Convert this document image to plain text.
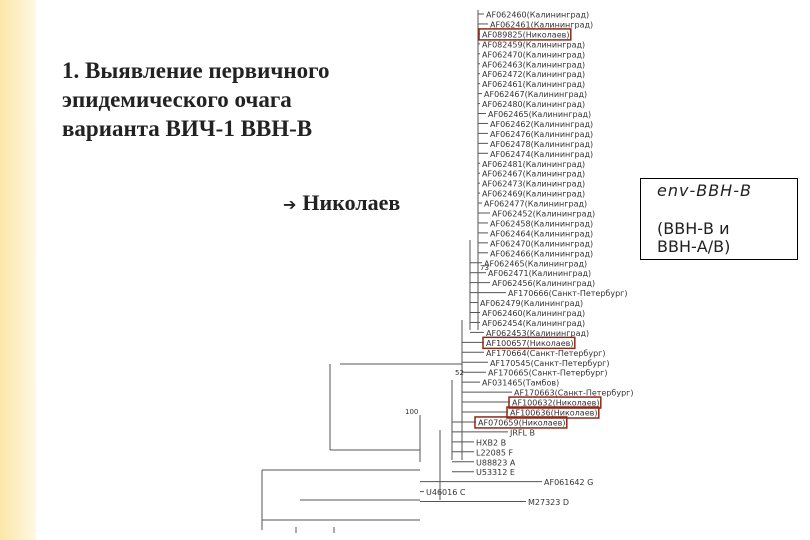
1. Выявление первичного
эпидемического очага
варианта ВИЧ-1 ВВН-В
➔ Николаев
AF062460(Калининград)
AF062461(Калининград)
AF089825(Николаев)
AF082459(Калининград)
AF062470(Калининград)
AF062463(Калининград)
AF062472(Калининград)
AF062461(Калининград)
AF062467(Калининград)
AF062480(Калининград)
AF062465(Калининград)
AF062462(Калининград)
AF062476(Калининград)
AF062478(Калининград)
AF062474(Калининград)
AF062481(Калининград)
AF062467(Калининград)
AF062473(Калининград)
AF062469(Калининград)
AF062477(Калининград)
AF062452(Калининград)
AF062458(Калининград)
AF062464(Калининград)
AF062470(Калининград)
AF062466(Калининград)
AF062465(Калининград)
AF062471(Калининград)
AF062456(Калининград)
AF170666(Санкт-Петербург)
AF062479(Калининград)
AF062460(Калининград)
AF062454(Калининград)
AF062453(Калининград)
AF100657(Николаев)
AF170664(Санкт-Петербург)
AF170545(Санкт-Петербург)
AF170665(Санкт-Петербург)
AF031465(Тамбов)
AF170663(Санкт-Петербург)
AF100632(Николаев)
AF100636(Николаев)
AF070659(Николаев)
JRFL B
HXB2 B
L22085 F
U88823 A
U53312 E
AF061642 G
U46016 C
M27323 D
73
52
100
env-ВВН-В
(ВВН-В и
ВВН-А/В)
